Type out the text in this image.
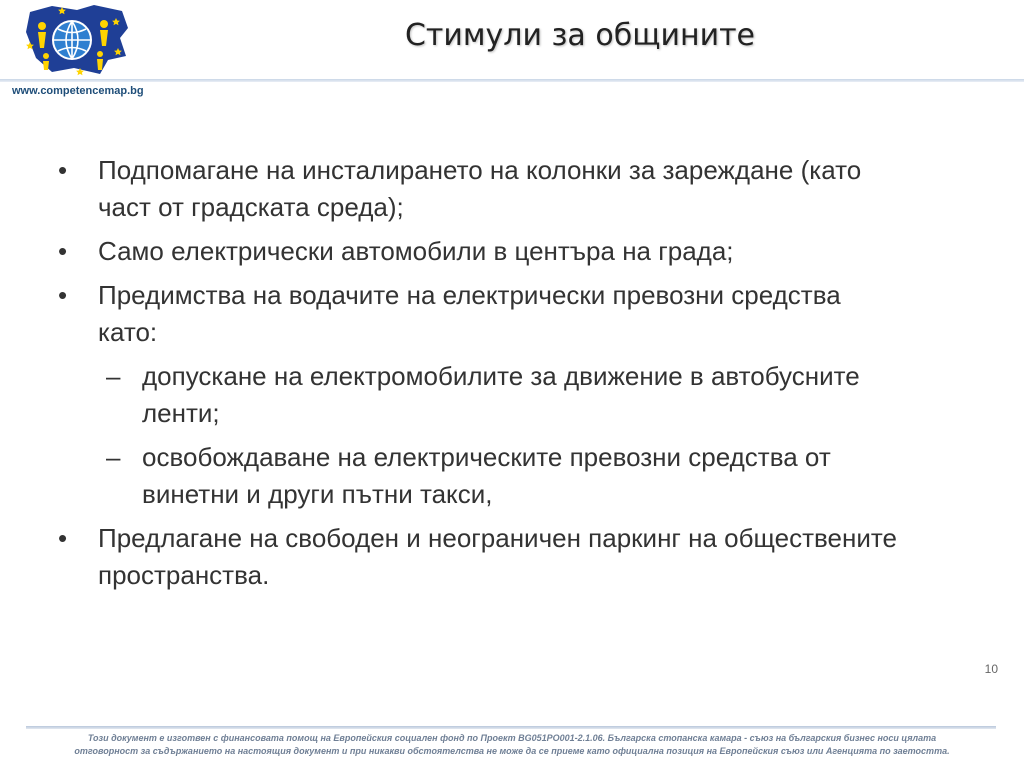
www.competencemap.bg
Стимули за общините
•	Подпомагане на инсталирането на колонки за зареждане (като
част от градската среда);
•	Само електрически автомобили в центъра на града;
•	Предимства на водачите на електрически превозни средства
като:
– допускане на електромобилите за движение в автобусните
ленти;
– освобождаване на електрическите превозни средства от
винетни и други пътни такси,
•	Предлагане на свободен и неограничен паркинг на обществените
пространства.
10
Този документ е изготвен с финансовата помощ на Европейския социален фонд по Проект BG051PO001-2.1.06. Българска стопанска камара - съюз на българския бизнес носи цялата
отговорност за съдържанието на настоящия документ и при никакви обстоятелства не може да се приеме като официална позиция на Европейския съюз или Агенцията по заетостта.
